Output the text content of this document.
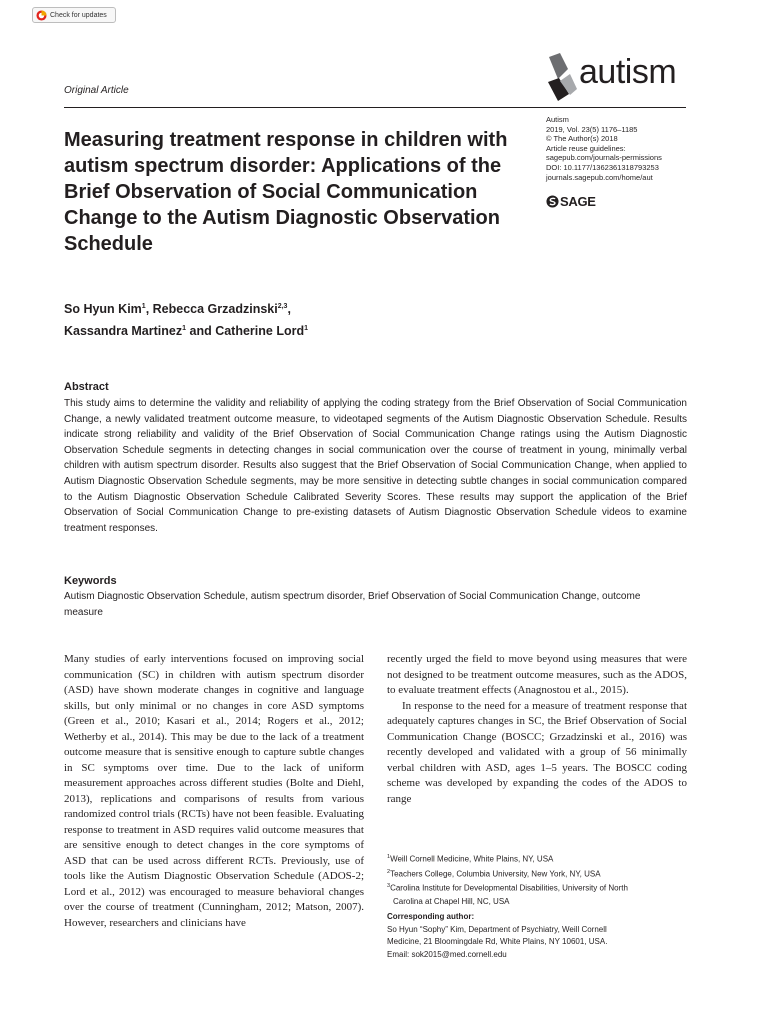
Check for updates
Original Article	autism
Autism
2019, Vol. 23(5) 1176–1185
© The Author(s) 2018
Article reuse guidelines:
sagepub.com/journals-permissions
DOI: 10.1177/1362361318793253
journals.sagepub.com/home/aut
SAGE
Measuring treatment response in children with autism spectrum disorder: Applications of the Brief Observation of Social Communication Change to the Autism Diagnostic Observation Schedule
So Hyun Kim$^1$, Rebecca Grzadzinski$^{2,3}$,
Kassandra Martinez$^1$ and Catherine Lord$^1$
Abstract
This study aims to determine the validity and reliability of applying the coding strategy from the Brief Observation of Social Communication Change, a newly validated treatment outcome measure, to videotaped segments of the Autism Diagnostic Observation Schedule. Results indicate strong reliability and validity of the Brief Observation of Social Communication Change ratings using the Autism Diagnostic Observation Schedule segments in detecting changes in social communication over the course of treatment in young, minimally verbal children with autism spectrum disorder. Results also suggest that the Brief Observation of Social Communication Change, when applied to Autism Diagnostic Observation Schedule segments, may be more sensitive in detecting subtle changes in social communication compared to the Autism Diagnostic Observation Schedule Calibrated Severity Scores. These results may support the application of the Brief Observation of Social Communication Change to pre-existing datasets of Autism Diagnostic Observation Schedule videos to examine treatment responses.
Keywords
Autism Diagnostic Observation Schedule, autism spectrum disorder, Brief Observation of Social Communication Change, outcome measure
Many studies of early interventions focused on improving social communication (SC) in children with autism spectrum disorder (ASD) have shown moderate changes in cognitive and language skills, but only minimal or no changes in core ASD symptoms (Green et al., 2010; Kasari et al., 2014; Rogers et al., 2012; Wetherby et al., 2014). This may be due to the lack of a treatment outcome measure that is sensitive enough to capture subtle changes in SC symptoms over time. Due to the lack of uniform measurement approaches across different studies (Bolte and Diehl, 2013), replications and comparisons of results from various randomized control trials (RCTs) have not been feasible. Evaluating response to treatment in ASD requires valid outcome measures that are sensitive enough to detect changes in the core symptoms of ASD that can be used across different RCTs. Previously, use of tools like the Autism Diagnostic Observation Schedule (ADOS-2; Lord et al., 2012) was encouraged to measure behavioral changes over the course of treatment (Cunningham, 2012; Matson, 2007). However, researchers and clinicians have

recently urged the field to move beyond using measures that were not designed to be treatment outcome measures, such as the ADOS, to evaluate treatment effects (Anagnostou et al., 2015).

In response to the need for a measure of treatment response that adequately captures changes in SC, the Brief Observation of Social Communication Change (BOSCC; Grzadzinski et al., 2016) was recently developed and validated with a group of 56 minimally verbal children with ASD, ages 1–5 years. The BOSCC coding scheme was developed by expanding the codes of the ADOS to range

$^1$Weill Cornell Medicine, White Plains, NY, USA
$^2$Teachers College, Columbia University, New York, NY, USA
$^3$Carolina Institute for Developmental Disabilities, University of North
Carolina at Chapel Hill, NC, USA
Corresponding author:
So Hyun “Sophy” Kim, Department of Psychiatry, Weill Cornell
Medicine, 21 Bloomingdale Rd, White Plains, NY 10601, USA.
Email: sok2015@med.cornell.edu
